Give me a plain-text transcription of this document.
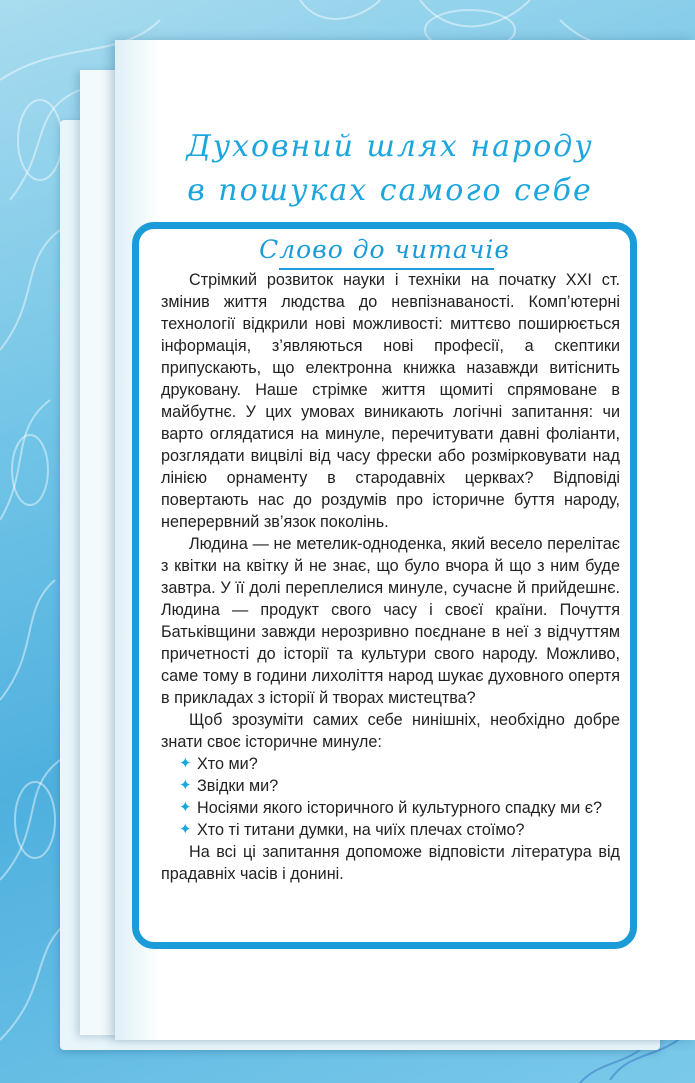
Духовний шлях народу
в пошуках самого себе
Слово до читачів

Стрімкий розвиток науки і техніки на початку XXI ст. змінив життя людства до невпізнаваності. Комп’ютерні технології відкрили нові можливості: миттєво поширюється інформація, з’являються нові професії, а скептики припускають, що електронна книжка назавжди витіснить друковану. Наше стрімке життя щомиті спрямоване в майбутнє. У цих умовах виникають логічні запитання: чи варто оглядатися на минуле, перечитувати давні фоліанти, розглядати вицвілі від часу фрески або розмірковувати над лінією орнаменту в стародавніх церквах? Відповіді повертають нас до роздумів про історичне буття народу, неперервний зв’язок поколінь.

Людина — не метелик-одноденка, який весело перелітає з квітки на квітку й не знає, що було вчора й що з ним буде завтра. У її долі переплелися минуле, сучасне й прийдешнє. Людина — продукт свого часу і своєї країни. Почуття Батьківщини завжди нерозривно поєднане в неї з відчуттям причетності до історії та культури свого народу. Можливо, саме тому в години лихоліття народ шукає духовного опертя в прикладах з історії й творах мистецтва?

Щоб зрозуміти самих себе нинішніх, необхідно добре знати своє історичне минуле:

✦ Хто ми?
✦ Звідки ми?
✦ Носіями якого історичного й культурного спадку ми є?
✦ Хто ті титани думки, на чиїх плечах стоїмо?

На всі ці запитання допоможе відповісти література від прадавніх часів і донині.
